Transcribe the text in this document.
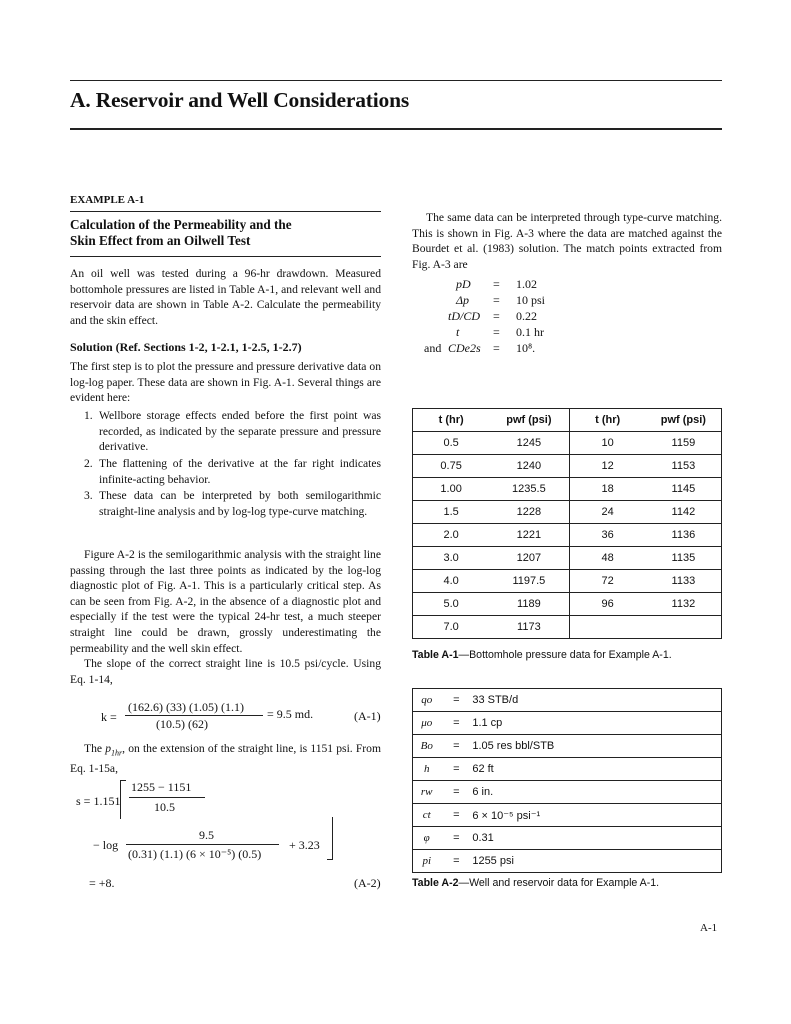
A. Reservoir and Well Considerations
EXAMPLE A-1
Calculation of the Permeability and the
Skin Effect from an Oilwell Test

An oil well was tested during a 96-hr drawdown. Measured bottomhole pressures are listed in Table A-1, and relevant well and reservoir data are shown in Table A-2. Calculate the permeability and the skin effect.

Solution (Ref. Sections 1-2, 1-2.1, 1-2.5, 1-2.7)

The first step is to plot the pressure and pressure derivative data on log-log paper. These data are shown in Fig. A-1. Several things are evident here:

1. Wellbore storage effects ended before the first point was recorded, as indicated by the separate pressure and pressure derivative.

2. The flattening of the derivative at the far right indicates infinite-acting behavior.

3. These data can be interpreted by both semilogarithmic straight-line analysis and by log-log type-curve matching.

Figure A-2 is the semilogarithmic analysis with the straight line passing through the last three points as indicated by the log-log diagnostic plot of Fig. A-1. This is a particularly critical step. As can be seen from Fig. A-2, in the absence of a diagnostic plot and especially if the test were the typical 24-hr test, a much steeper straight line could be drawn, grossly underestimating the permeability and the well skin effect.

The slope of the correct straight line is 10.5 psi/cycle. Using Eq. 1-14,

k =
(162.6) (33) (1.05) (1.1)
(10.5) (62)
= 9.5 md.	(A-1)

The $p_{1hr}$, on the extension of the straight line, is 1151 psi. From Eq. 1-15a,

s = 1.151
1255 − 1151
10.5
− log
9.5
(0.31) (1.1) (6 × 10⁻⁵) (0.5)
+ 3.23
= +8.	(A-2)

The same data can be interpreted through type-curve matching. This is shown in Fig. A-3 where the data are matched against the Bourdet et al. (1983) solution. The match points extracted from Fig. A-3 are

pD = 1.02
Δp = 10 psi
tD/CD = 0.22
t	= 0.1 hr
and CDe2s = 10⁸.
t (hr)	pwf (psi)	t (hr)	pwf (psi)
0.5	1245	10	1159
0.75	1240	12	1153
1.00	1235.5	18	1145
1.5	1228	24	1142
2.0	1221	36	1136
3.0	1207	48	1135
4.0	1197.5	72	1133
5.0	1189	96	1132
7.0	1173		
Table A-1—Bottomhole pressure data for Example A-1.
qo	=	33 STB/d
μo	=	1.1 cp
Bo	=	1.05 res bbl/STB
h	=	62 ft
rw	=	6 in.
ct	=	6 × 10⁻⁵ psi⁻¹
φ	=	0.31
pi	=	1255 psi
Table A-2—Well and reservoir data for Example A-1.
A-1
